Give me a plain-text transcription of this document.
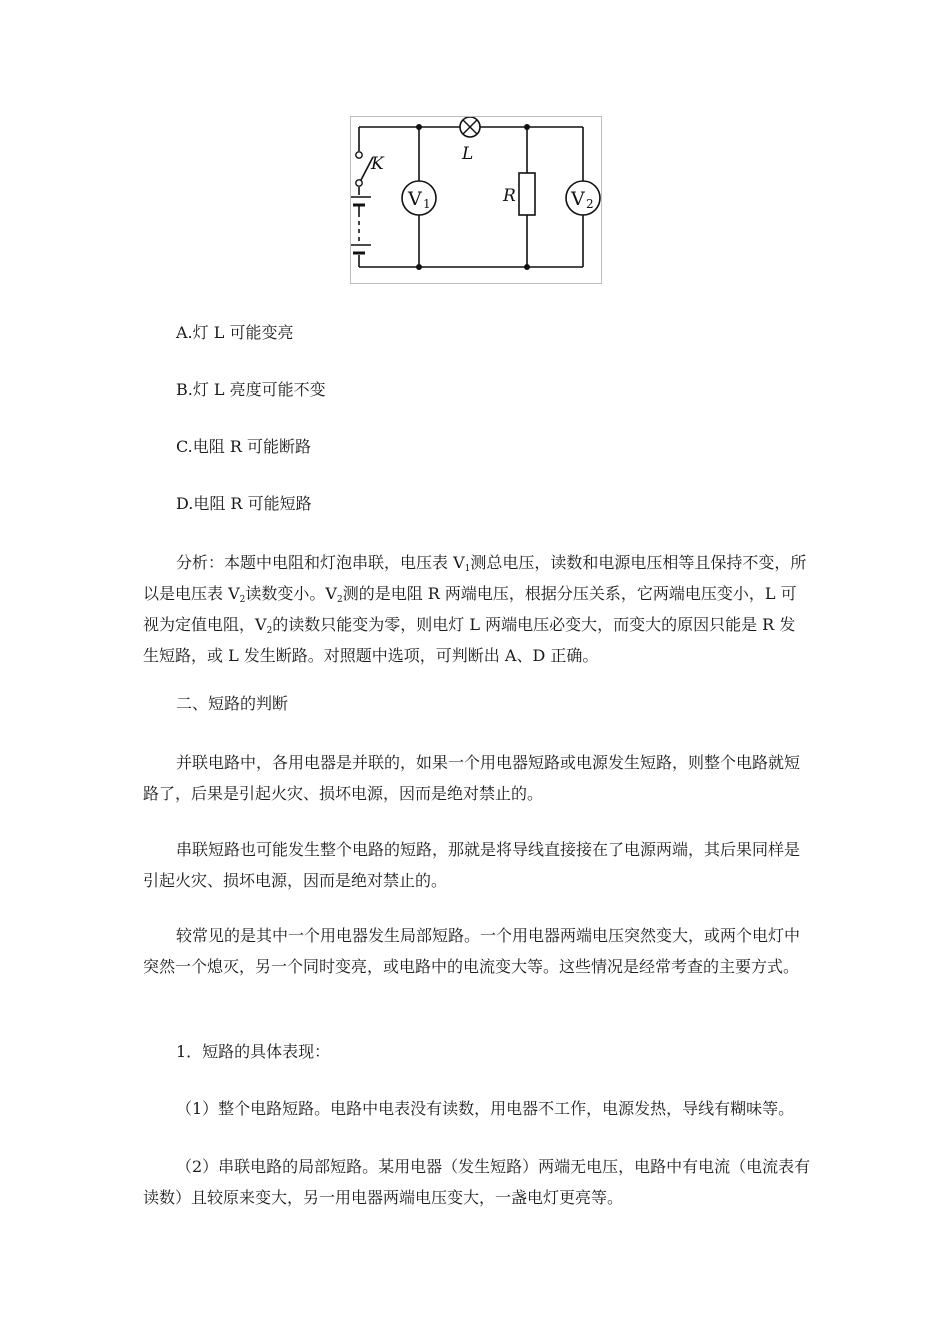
K	L
V 1	R	V 2

A.灯 L 可能变亮

B.灯 L 亮度可能不变

C.电阻 R 可能断路

D.电阻 R 可能短路

分析：本题中电阻和灯泡串联，电压表 $V_1$测总电压，读数和电源电压相等且保持不变，所以是电压表 $V_2$读数变小。$V_2$测的是电阻 R 两端电压，根据分压关系，它两端电压变小，L 可视为定值电阻，$V_2$的读数只能变为零，则电灯 L 两端电压必变大，而变大的原因只能是 R 发生短路，或 L 发生断路。对照题中选项，可判断出 A、D 正确。

二、短路的判断

并联电路中，各用电器是并联的，如果一个用电器短路或电源发生短路，则整个电路就短路了，后果是引起火灾、损坏电源，因而是绝对禁止的。

串联短路也可能发生整个电路的短路，那就是将导线直接接在了电源两端，其后果同样是引起火灾、损坏电源，因而是绝对禁止的。

较常见的是其中一个用电器发生局部短路。一个用电器两端电压突然变大，或两个电灯中突然一个熄灭，另一个同时变亮，或电路中的电流变大等。这些情况是经常考查的主要方式。

1．短路的具体表现：

（1）整个电路短路。电路中电表没有读数，用电器不工作，电源发热，导线有糊味等。

（2）串联电路的局部短路。某用电器（发生短路）两端无电压，电路中有电流（电流表有读数）且较原来变大，另一用电器两端电压变大，一盏电灯更亮等。
